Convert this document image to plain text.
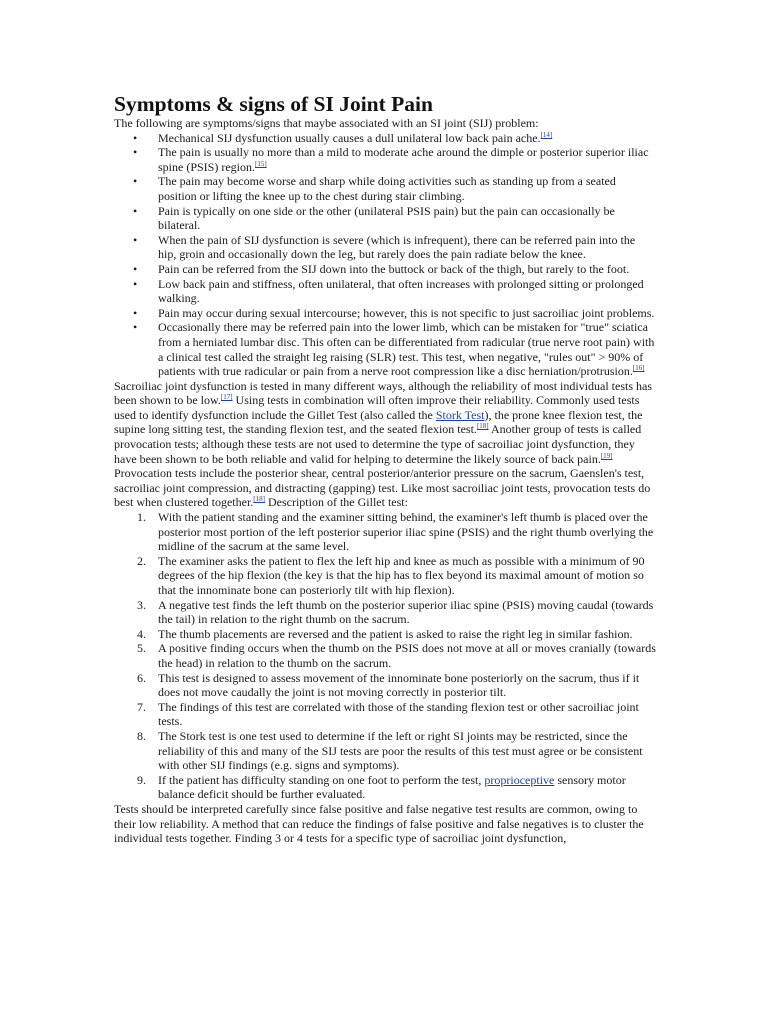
Symptoms & signs of SI Joint Pain

The following are symptoms/signs that maybe associated with an SI joint (SIJ) problem:

• Mechanical SIJ dysfunction usually causes a dull unilateral low back pain ache.[14]
• The pain is usually no more than a mild to moderate ache around the dimple or posterior superior iliac spine (PSIS) region.[15]
• The pain may become worse and sharp while doing activities such as standing up from a seated position or lifting the knee up to the chest during stair climbing.
• Pain is typically on one side or the other (unilateral PSIS pain) but the pain can occasionally be bilateral.
• When the pain of SIJ dysfunction is severe (which is infrequent), there can be referred pain into the hip, groin and occasionally down the leg, but rarely does the pain radiate below the knee.
• Pain can be referred from the SIJ down into the buttock or back of the thigh, but rarely to the foot.
• Low back pain and stiffness, often unilateral, that often increases with prolonged sitting or prolonged walking.
• Pain may occur during sexual intercourse; however, this is not specific to just sacroiliac joint problems.
• Occasionally there may be referred pain into the lower limb, which can be mistaken for "true" sciatica from a herniated lumbar disc. This often can be differentiated from radicular (true nerve root pain) with a clinical test called the straight leg raising (SLR) test. This test, when negative, "rules out" > 90% of patients with true radicular or pain from a nerve root compression like a disc herniation/protrusion.[16]

Sacroiliac joint dysfunction is tested in many different ways, although the reliability of most individual tests has been shown to be low.[17] Using tests in combination will often improve their reliability. Commonly used tests used to identify dysfunction include the Gillet Test (also called the Stork Test), the prone knee flexion test, the supine long sitting test, the standing flexion test, and the seated flexion test.[18] Another group of tests is called provocation tests; although these tests are not used to determine the type of sacroiliac joint dysfunction, they have been shown to be both reliable and valid for helping to determine the likely source of back pain.[19] Provocation tests include the posterior shear, central posterior/anterior pressure on the sacrum, Gaenslen's test, sacroiliac joint compression, and distracting (gapping) test. Like most sacroiliac joint tests, provocation tests do best when clustered together.[18] Description of the Gillet test:

1. With the patient standing and the examiner sitting behind, the examiner's left thumb is placed over the posterior most portion of the left posterior superior iliac spine (PSIS) and the right thumb overlying the midline of the sacrum at the same level.
2. The examiner asks the patient to flex the left hip and knee as much as possible with a minimum of 90 degrees of the hip flexion (the key is that the hip has to flex beyond its maximal amount of motion so that the innominate bone can posteriorly tilt with hip flexion).
3. A negative test finds the left thumb on the posterior superior iliac spine (PSIS) moving caudal (towards the tail) in relation to the right thumb on the sacrum.
4. The thumb placements are reversed and the patient is asked to raise the right leg in similar fashion.
5. A positive finding occurs when the thumb on the PSIS does not move at all or moves cranially (towards the head) in relation to the thumb on the sacrum.
6. This test is designed to assess movement of the innominate bone posteriorly on the sacrum, thus if it does not move caudally the joint is not moving correctly in posterior tilt.
7. The findings of this test are correlated with those of the standing flexion test or other sacroiliac joint tests.
8. The Stork test is one test used to determine if the left or right SI joints may be restricted, since the reliability of this and many of the SIJ tests are poor the results of this test must agree or be consistent with other SIJ findings (e.g. signs and symptoms).
9. If the patient has difficulty standing on one foot to perform the test, proprioceptive sensory motor balance deficit should be further evaluated.

Tests should be interpreted carefully since false positive and false negative test results are common, owing to their low reliability. A method that can reduce the findings of false positive and false negatives is to cluster the individual tests together. Finding 3 or 4 tests for a specific type of sacroiliac joint dysfunction,
